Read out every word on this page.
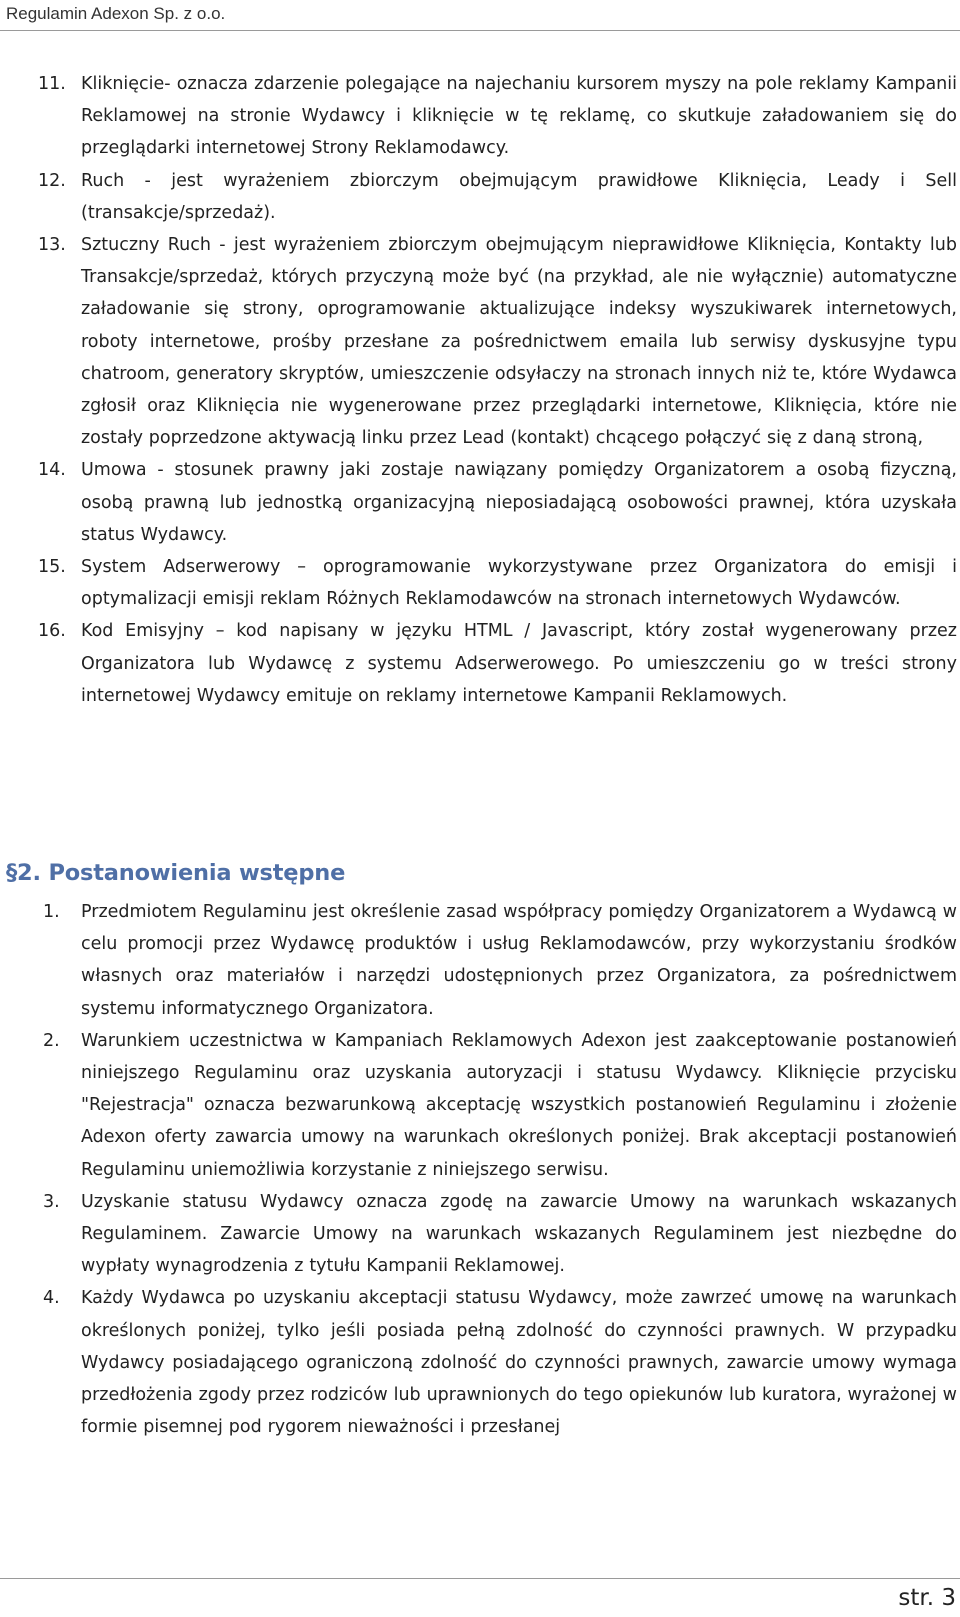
Regulamin Adexon Sp. z o.o.
11. Kliknięcie- oznacza zdarzenie polegające na najechaniu kursorem myszy na pole reklamy Kampanii Reklamowej na stronie Wydawcy i kliknięcie w tę reklamę, co skutkuje załadowaniem się do przeglądarki internetowej Strony Reklamodawcy.
12. Ruch - jest wyrażeniem zbiorczym obejmującym prawidłowe Kliknięcia, Leady i Sell (transakcje/sprzedaż).
13. Sztuczny Ruch - jest wyrażeniem zbiorczym obejmującym nieprawidłowe Kliknięcia, Kontakty lub Transakcje/sprzedaż, których przyczyną może być (na przykład, ale nie wyłącznie) automatyczne załadowanie się strony, oprogramowanie aktualizujące indeksy wyszukiwarek internetowych, roboty internetowe, prośby przesłane za pośrednictwem emaila lub serwisy dyskusyjne typu chatroom, generatory skryptów, umieszczenie odsyłaczy na stronach innych niż te, które Wydawca zgłosił oraz Kliknięcia nie wygenerowane przez przeglądarki internetowe, Kliknięcia, które nie zostały poprzedzone aktywacją linku przez Lead (kontakt) chcącego połączyć się z daną stroną,
14. Umowa - stosunek prawny jaki zostaje nawiązany pomiędzy Organizatorem a osobą fizyczną, osobą prawną lub jednostką organizacyjną nieposiadającą osobowości prawnej, która uzyskała status Wydawcy.
15. System Adserwerowy – oprogramowanie wykorzystywane przez Organizatora do emisji i optymalizacji emisji reklam Różnych Reklamodawców na stronach internetowych Wydawców.
16. Kod Emisyjny – kod napisany w języku HTML / Javascript, który został wygenerowany przez Organizatora lub Wydawcę z systemu Adserwerowego. Po umieszczeniu go w treści strony internetowej Wydawcy emituje on reklamy internetowe Kampanii Reklamowych.
§2. Postanowienia wstępne
1. Przedmiotem Regulaminu jest określenie zasad współpracy pomiędzy Organizatorem a Wydawcą w celu promocji przez Wydawcę produktów i usług Reklamodawców, przy wykorzystaniu środków własnych oraz materiałów i narzędzi udostępnionych przez Organizatora, za pośrednictwem systemu informatycznego Organizatora.
2. Warunkiem uczestnictwa w Kampaniach Reklamowych Adexon jest zaakceptowanie postanowień niniejszego Regulaminu oraz uzyskania autoryzacji i statusu Wydawcy. Kliknięcie przycisku "Rejestracja" oznacza bezwarunkową akceptację wszystkich postanowień Regulaminu i złożenie Adexon oferty zawarcia umowy na warunkach określonych poniżej. Brak akceptacji postanowień Regulaminu uniemożliwia korzystanie z niniejszego serwisu.
3. Uzyskanie statusu Wydawcy oznacza zgodę na zawarcie Umowy na warunkach wskazanych Regulaminem. Zawarcie Umowy na warunkach wskazanych Regulaminem jest niezbędne do wypłaty wynagrodzenia z tytułu Kampanii Reklamowej.
4. Każdy Wydawca po uzyskaniu akceptacji statusu Wydawcy, może zawrzeć umowę na warunkach określonych poniżej, tylko jeśli posiada pełną zdolność do czynności prawnych. W przypadku Wydawcy posiadającego ograniczoną zdolność do czynności prawnych, zawarcie umowy wymaga przedłożenia zgody przez rodziców lub uprawnionych do tego opiekunów lub kuratora, wyrażonej w formie pisemnej pod rygorem nieważności i przesłanej
str. 3
